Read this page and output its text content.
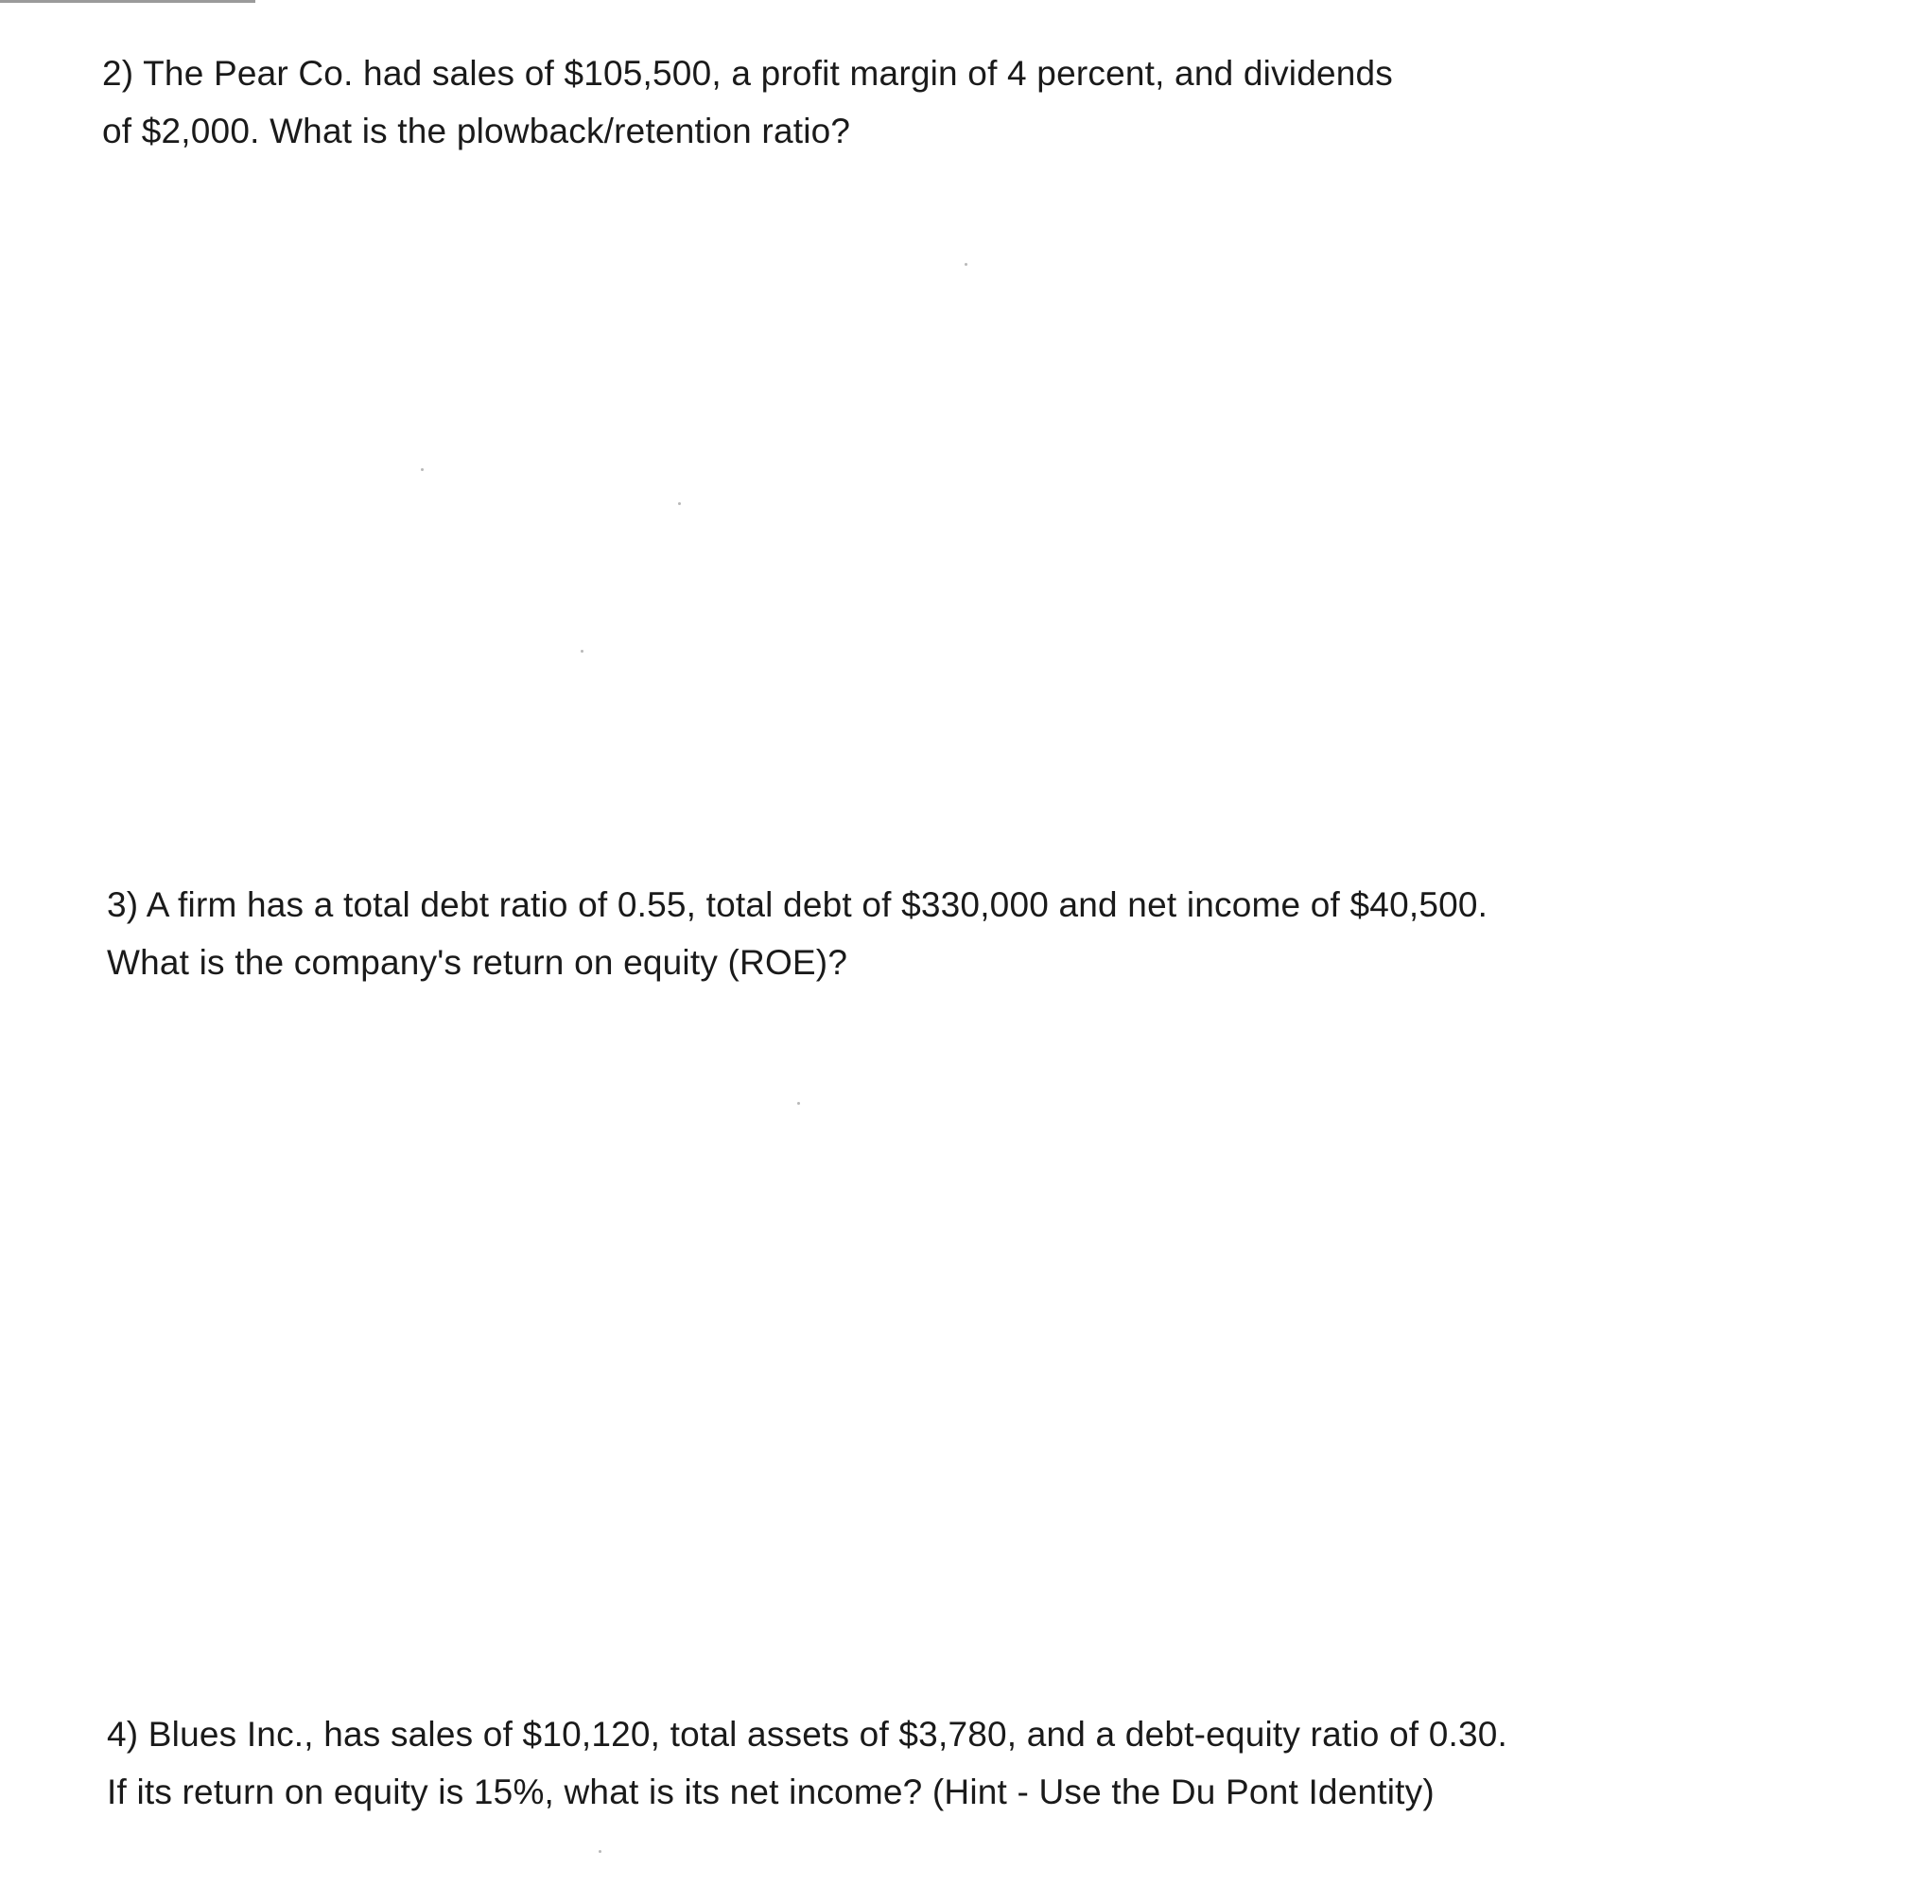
2) The Pear Co. had sales of $105,500, a profit margin of 4 percent, and dividends
of $2,000. What is the plowback/retention ratio?
3) A firm has a total debt ratio of 0.55, total debt of $330,000 and net income of $40,500.
What is the company's return on equity (ROE)?
4) Blues Inc., has sales of $10,120, total assets of $3,780, and a debt-equity ratio of 0.30.
If its return on equity is 15%, what is its net income? (Hint - Use the Du Pont Identity)
